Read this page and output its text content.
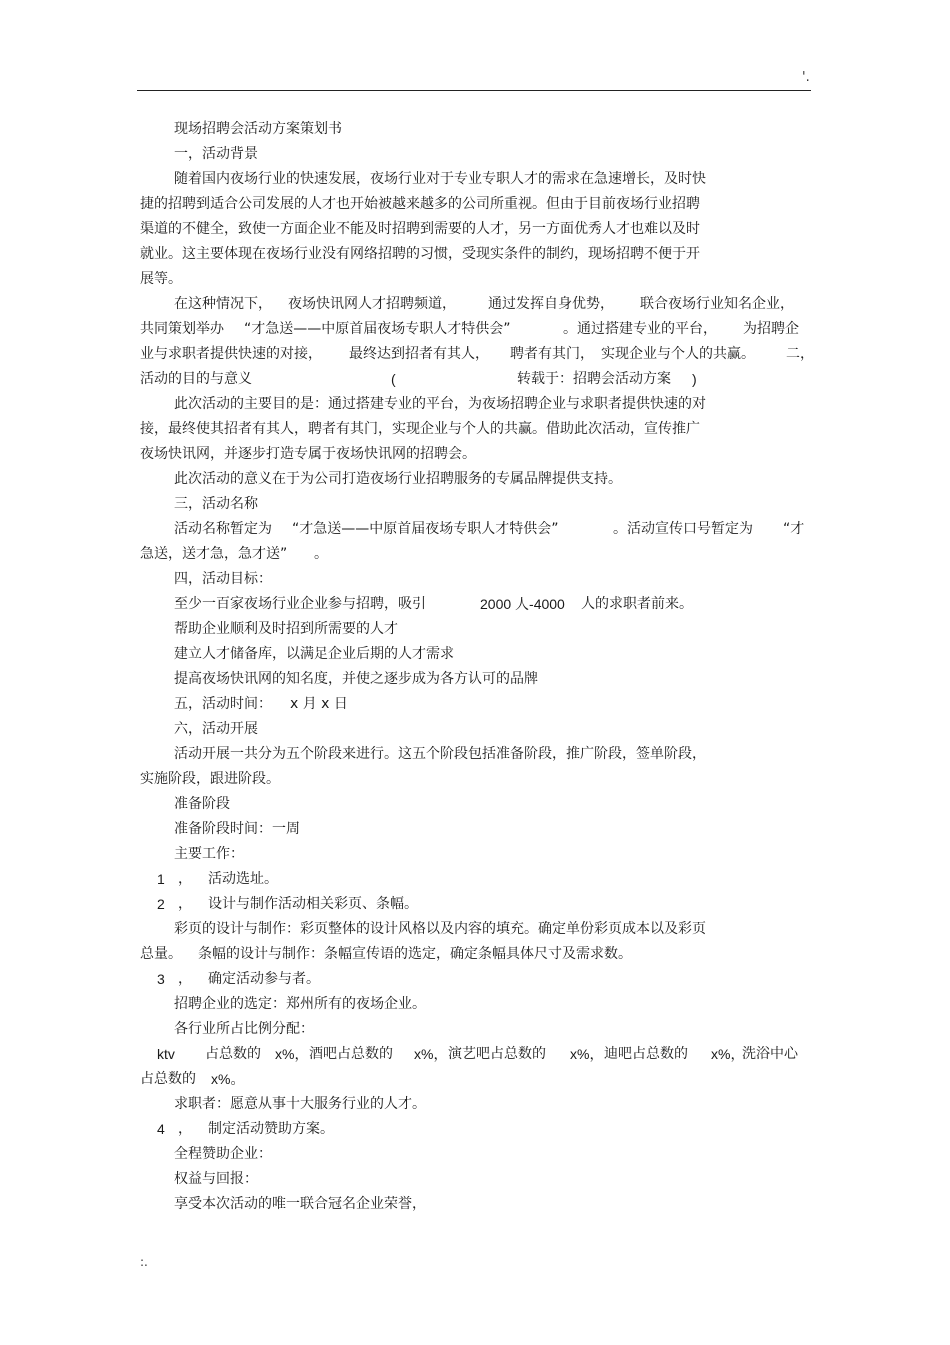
'.
现场招聘会活动方案策划书
一，活动背景
随着国内夜场行业的快速发展，夜场行业对于专业专职人才的需求在急速增长，及时快
捷的招聘到适合公司发展的人才也开始被越来越多的公司所重视。但由于目前夜场行业招聘
渠道的不健全，致使一方面企业不能及时招聘到需要的人才，另一方面优秀人才也难以及时
就业。这主要体现在夜场行业没有网络招聘的习惯，受现实条件的制约，现场招聘不便于开
展等。
在这种情况下， 夜场快讯网人才招聘频道， 通过发挥自身优势， 联合夜场行业知名企业，
共同策划举办 “才急送——中原首届夜场专职人才特供会”	。通过搭建专业的平台， 为招聘企
业与求职者提供快速的对接， 最终达到招者有其人， 聘者有其门， 实现企业与个人的共赢。 二，
活动的目的与意义	(	转载于：招聘会活动方案 )
此次活动的主要目的是：通过搭建专业的平台，为夜场招聘企业与求职者提供快速的对
接，最终使其招者有其人，聘者有其门，实现企业与个人的共赢。借助此次活动，宣传推广
夜场快讯网，并逐步打造专属于夜场快讯网的招聘会。
此次活动的意义在于为公司打造夜场行业招聘服务的专属品牌提供支持。
三，活动名称
活动名称暂定为 “才急送——中原首届夜场专职人才特供会”	。活动宣传口号暂定为 “才
急送，送才急，急才送” 。
四，活动目标：
至少一百家夜场行业企业参与招聘，吸引	2000 人-4000 人的求职者前来。
帮助企业顺利及时招到所需要的人才
建立人才储备库，以满足企业后期的人才需求
提高夜场快讯网的知名度，并使之逐步成为各方认可的品牌
五，活动时间： x 月 x 日
六，活动开展
活动开展一共分为五个阶段来进行。这五个阶段包括准备阶段，推广阶段，签单阶段，
实施阶段，跟进阶段。
准备阶段
准备阶段时间：一周
主要工作：
1 ， 活动选址。
2 ， 设计与制作活动相关彩页、条幅。
彩页的设计与制作：彩页整体的设计风格以及内容的填充。确定单份彩页成本以及彩页
总量。 条幅的设计与制作：条幅宣传语的选定，确定条幅具体尺寸及需求数。
3 ， 确定活动参与者。
招聘企业的选定：郑州所有的夜场企业。
各行业所占比例分配：
ktv 占总数的 x%， 酒吧占总数的 x%， 演艺吧占总数的 x%， 迪吧占总数的 x%，
洗浴中心
占总数的 x%。
求职者：愿意从事十大服务行业的人才。
4 ， 制定活动赞助方案。
全程赞助企业：
权益与回报：
享受本次活动的唯一联合冠名企业荣誉，
:.
